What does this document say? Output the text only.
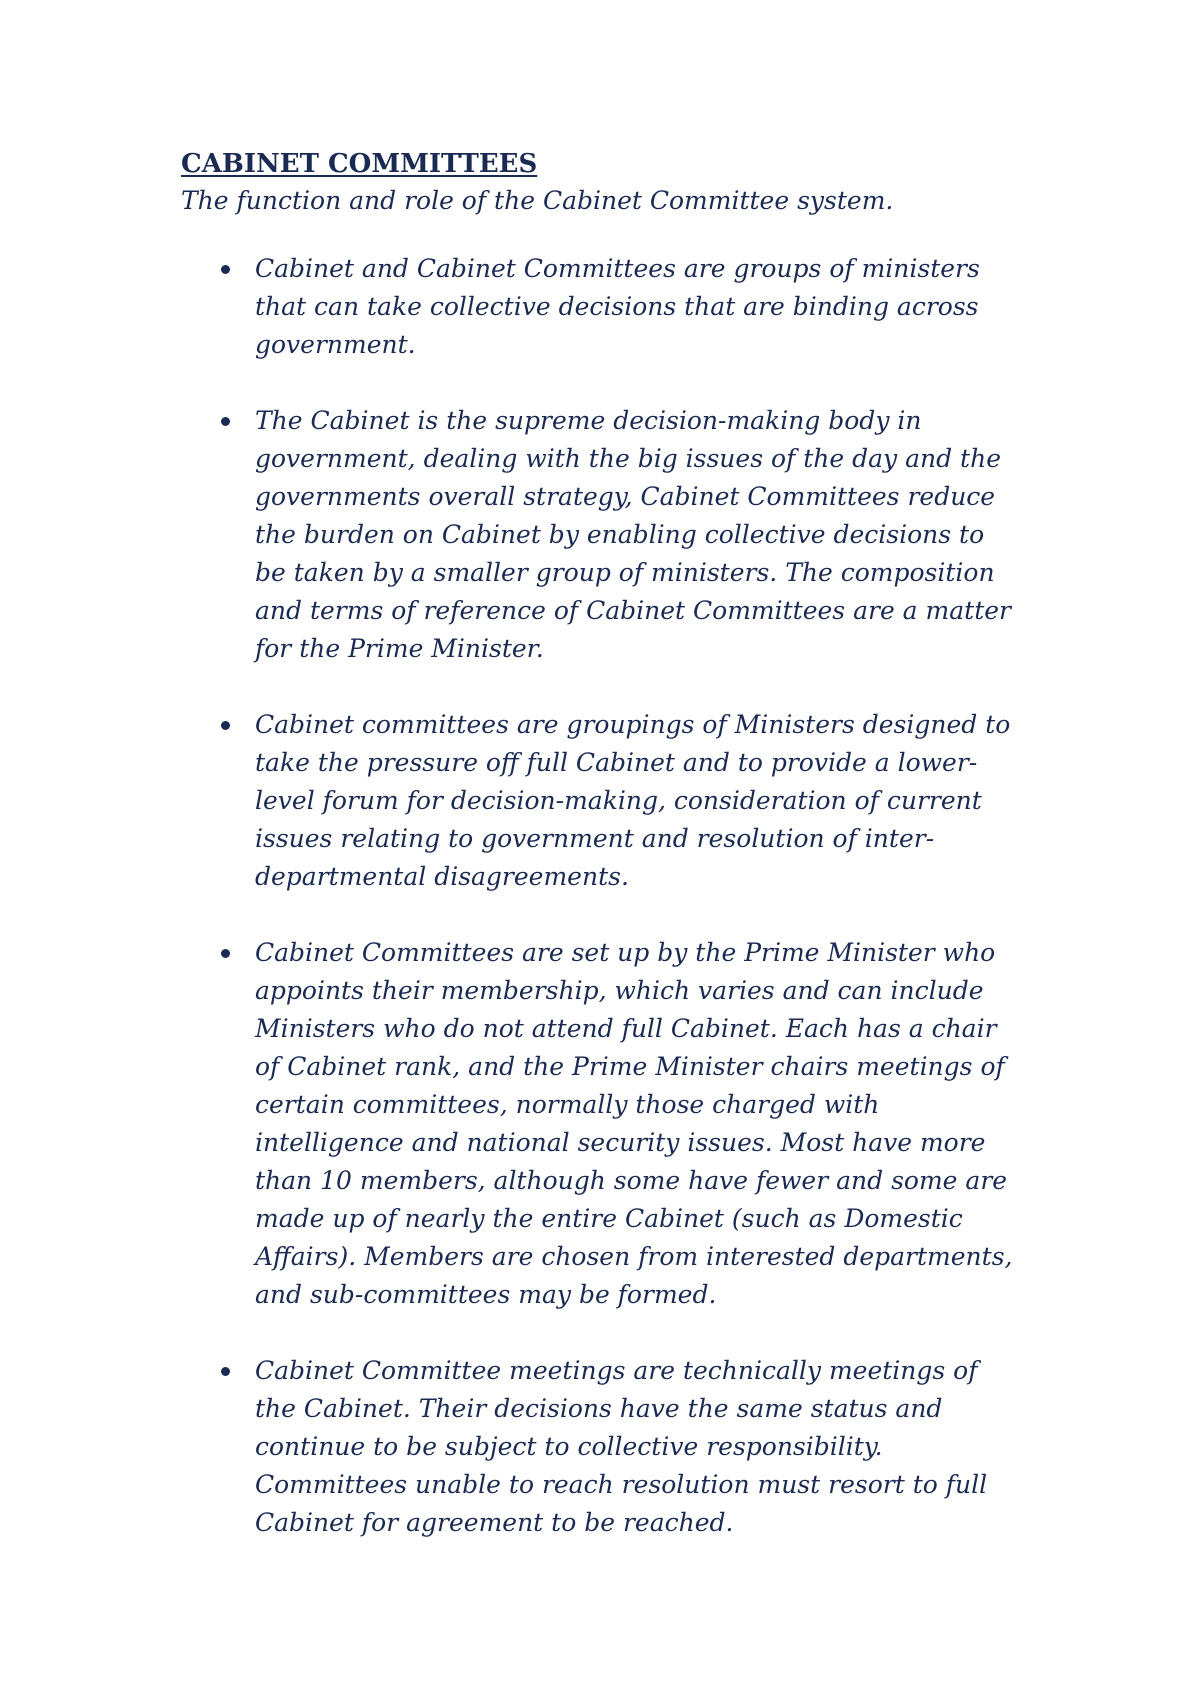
CABINET COMMITTEES

The function and role of the Cabinet Committee system.

Cabinet and Cabinet Committees are groups of ministers that can take collective decisions that are binding across government.
The Cabinet is the supreme decision-making body in government, dealing with the big issues of the day and the governments overall strategy, Cabinet Committees reduce the burden on Cabinet by enabling collective decisions to be taken by a smaller group of ministers. The composition and terms of reference of Cabinet Committees are a matter for the Prime Minister.
Cabinet committees are groupings of Ministers designed to take the pressure off full Cabinet and to provide a lower-level forum for decision-making, consideration of current issues relating to government and resolution of inter-departmental disagreements.
Cabinet Committees are set up by the Prime Minister who appoints their membership, which varies and can include Ministers who do not attend full Cabinet. Each has a chair of Cabinet rank, and the Prime Minister chairs meetings of certain committees, normally those charged with intelligence and national security issues. Most have more than 10 members, although some have fewer and some are made up of nearly the entire Cabinet (such as Domestic Affairs). Members are chosen from interested departments, and sub-committees may be formed.
Cabinet Committee meetings are technically meetings of the Cabinet. Their decisions have the same status and continue to be subject to collective responsibility. Committees unable to reach resolution must resort to full Cabinet for agreement to be reached.
